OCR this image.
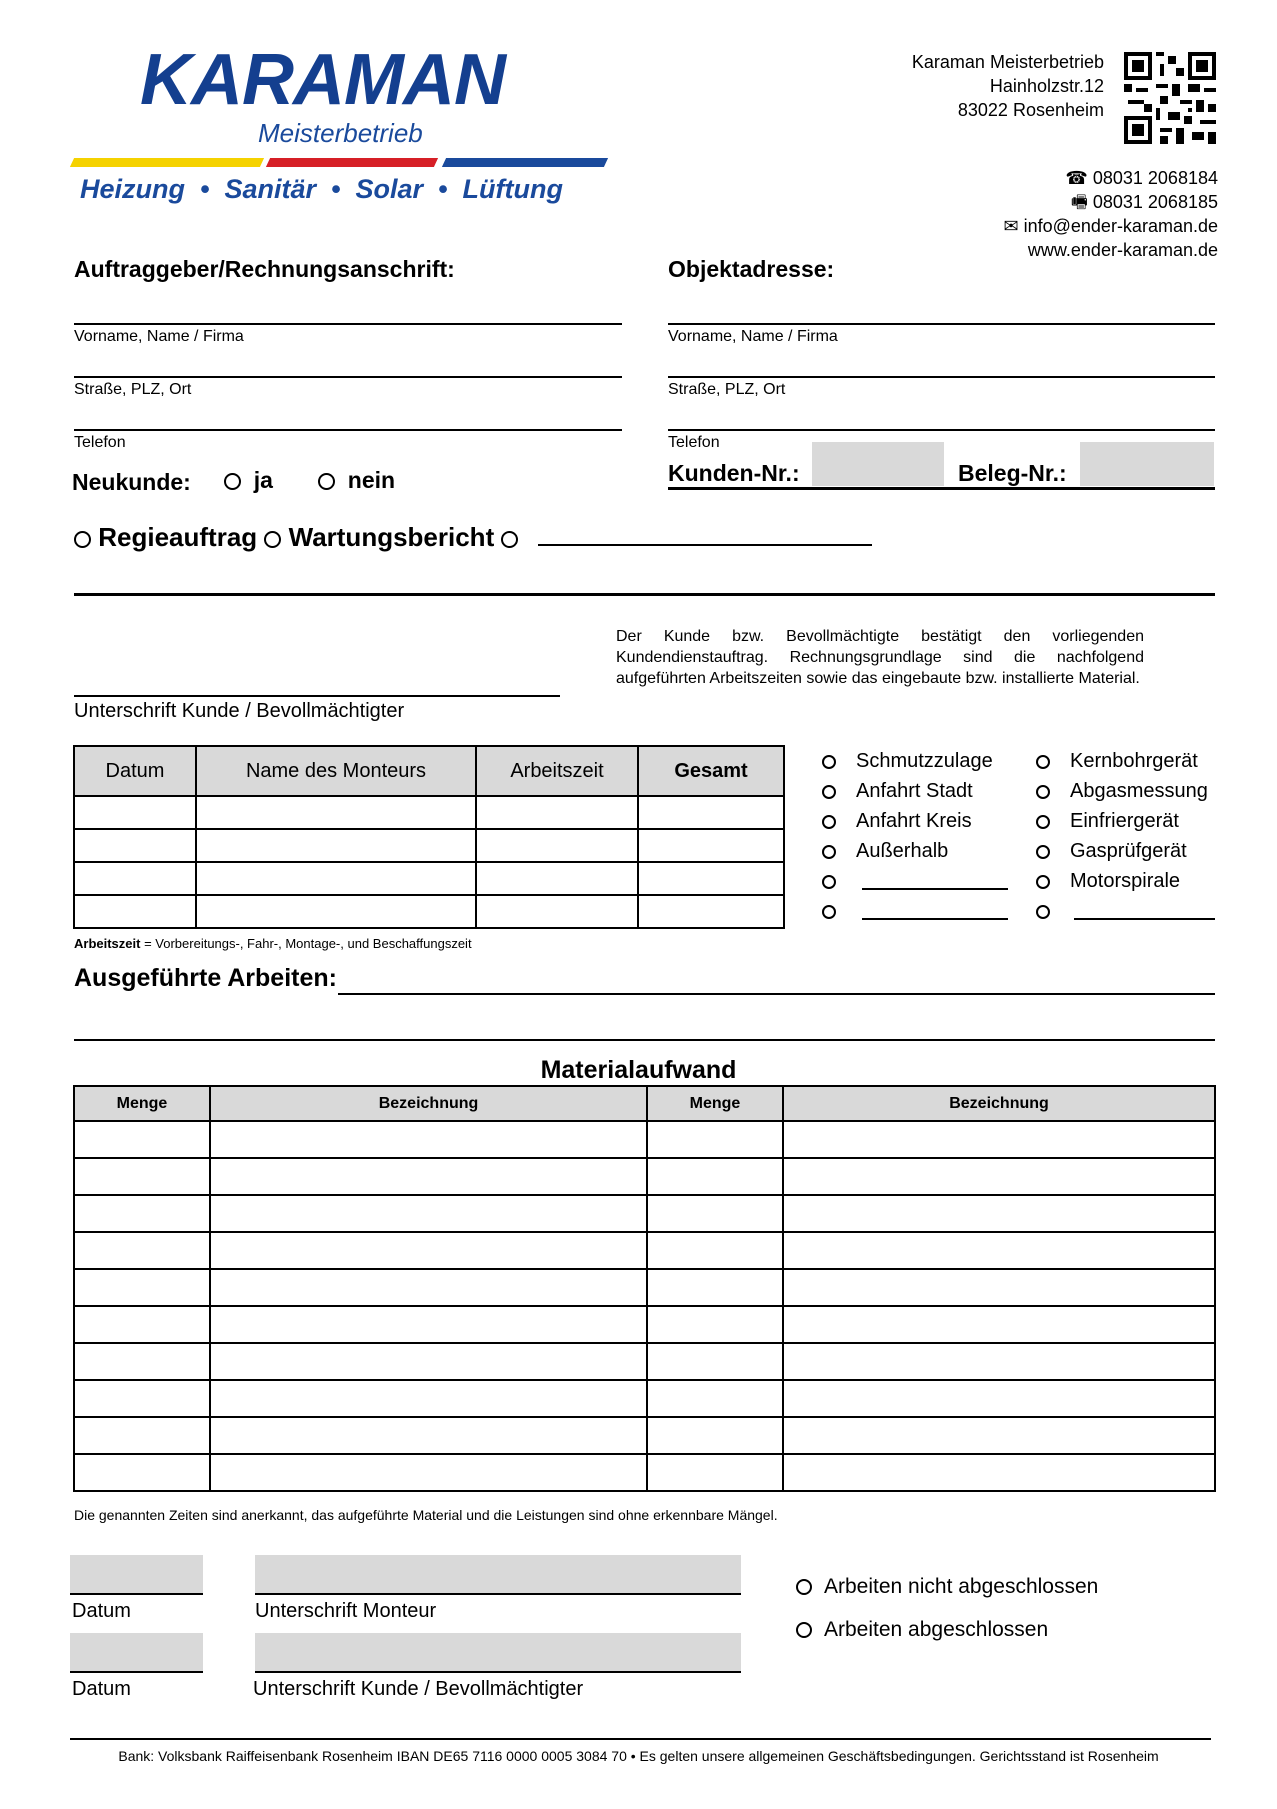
KARAMAN
Meisterbetrieb
Heizung  •  Sanitär  •  Solar  •  Lüftung
Karaman Meisterbetrieb
Hainholzstr.12
83022 Rosenheim
☎ 08031 2068184
🖷 08031 2068185
✉ info@ender-karaman.de
www.ender-karaman.de
Auftraggeber/Rechnungsanschrift:
Vorname, Name / Firma
Straße, PLZ, Ort
Telefon
Objektadresse:
Vorname, Name / Firma
Straße, PLZ, Ort
Telefon
Kunden-Nr.:	Beleg-Nr.:
Neukunde:	ja	nein
Regieauftrag Wartungsbericht
Unterschrift Kunde / Bevollmächtigter
Der Kunde bzw. Bevollmächtigte bestätigt den vorliegenden Kundendienstauftrag. Rechnungsgrundlage sind die nachfolgend aufgeführten Arbeitszeiten sowie das eingebaute bzw. installierte Material.
Datum	Name des Monteurs	Arbeitszeit	Gesamt

Arbeitszeit = Vorbereitungs-, Fahr-, Montage-, und Beschaffungszeit
Schmutzzulage
Anfahrt Stadt
Anfahrt Kreis
Außerhalb
Kernbohrgerät
Abgasmessung
Einfriergerät
Gasprüfgerät
Motorspirale
Ausgeführte Arbeiten:
Materialaufwand
Menge	Bezeichnung	Menge	Bezeichnung

Die genannten Zeiten sind anerkannt, das aufgeführte Material und die Leistungen sind ohne erkennbare Mängel.
Datum	Unterschrift Monteur
Datum	Unterschrift Kunde / Bevollmächtigter
Arbeiten nicht abgeschlossen
Arbeiten abgeschlossen
Bank: Volksbank Raiffeisenbank Rosenheim IBAN DE65 7116 0000 0005 3084 70 • Es gelten unsere allgemeinen Geschäftsbedingungen. Gerichtsstand ist Rosenheim
